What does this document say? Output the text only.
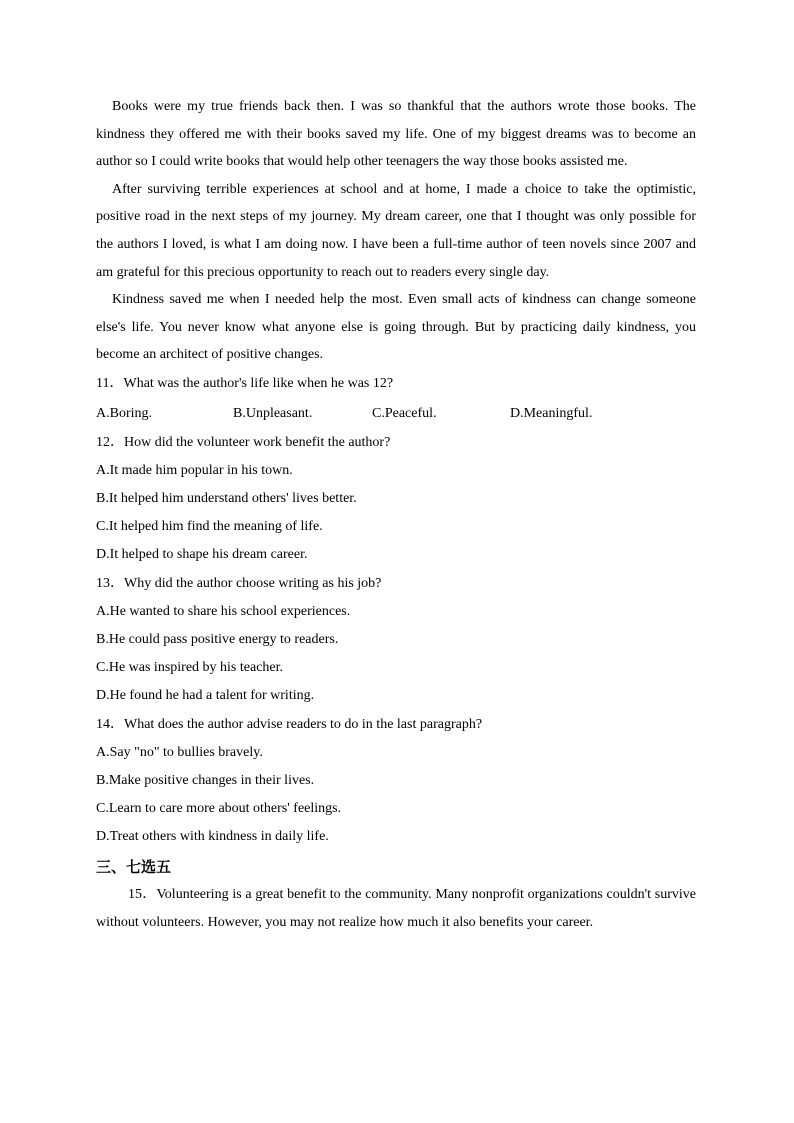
Books were my true friends back then. I was so thankful that the authors wrote those books. The kindness they offered me with their books saved my life. One of my biggest dreams was to become an author so I could write books that would help other teenagers the way those books assisted me.

After surviving terrible experiences at school and at home, I made a choice to take the optimistic, positive road in the next steps of my journey. My dream career, one that I thought was only possible for the authors I loved, is what I am doing now. I have been a full-time author of teen novels since 2007 and am grateful for this precious opportunity to reach out to readers every single day.

Kindness saved me when I needed help the most. Even small acts of kindness can change someone else's life. You never know what anyone else is going through. But by practicing daily kindness, you become an architect of positive changes.

11．What was the author's life like when he was 12?

A.Boring.	B.Unpleasant.	C.Peaceful.	D.Meaningful.

12．How did the volunteer work benefit the author?

A.It made him popular in his town.

B.It helped him understand others' lives better.

C.It helped him find the meaning of life.

D.It helped to shape his dream career.

13．Why did the author choose writing as his job?

A.He wanted to share his school experiences.

B.He could pass positive energy to readers.

C.He was inspired by his teacher.

D.He found he had a talent for writing.

14．What does the author advise readers to do in the last paragraph?

A.Say "no" to bullies bravely.

B.Make positive changes in their lives.

C.Learn to care more about others' feelings.

D.Treat others with kindness in daily life.

三、七选五

15．Volunteering is a great benefit to the community. Many nonprofit organizations couldn't survive without volunteers. However, you may not realize how much it also benefits your career.
